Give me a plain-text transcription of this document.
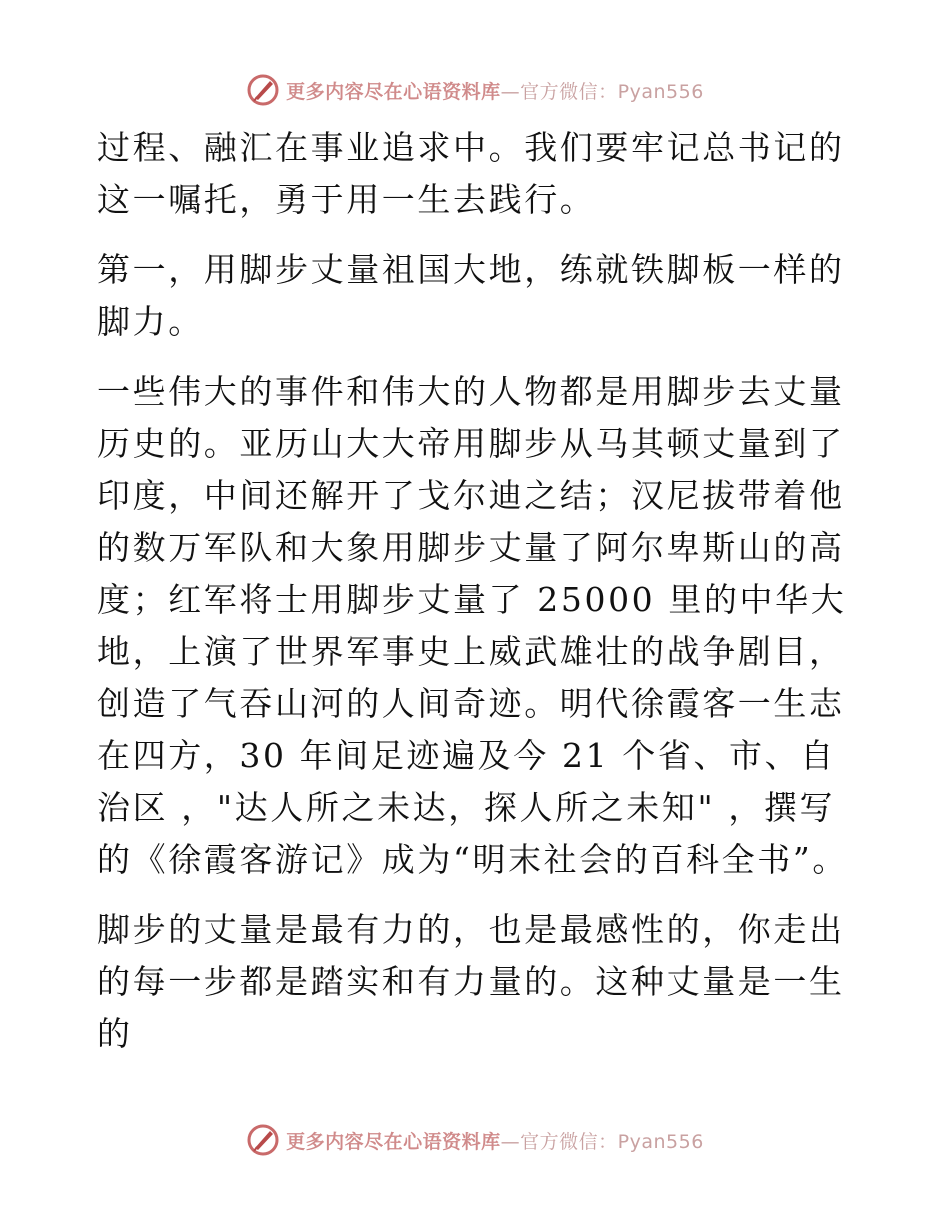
更多内容尽在心语资料库—官方微信：Pyan556

过程、融汇在事业追求中。我们要牢记总书记的这一嘱托，勇于用一生去践行。

第一，用脚步丈量祖国大地，练就铁脚板一样的脚力。

一些伟大的事件和伟大的人物都是用脚步去丈量历史的。亚历山大大帝用脚步从马其顿丈量到了印度，中间还解开了戈尔迪之结；汉尼拔带着他的数万军队和大象用脚步丈量了阿尔卑斯山的高度；红军将士用脚步丈量了 25000 里的中华大地，上演了世界军事史上威武雄壮的战争剧目，创造了气吞山河的人间奇迹。明代徐霞客一生志在四方，30 年间足迹遍及今 21 个省、市、自治区 ，"达人所之未达，探人所之未知" ，撰写的《徐霞客游记》成为“明末社会的百科全书”。

脚步的丈量是最有力的，也是最感性的，你走出的每一步都是踏实和有力量的。这种丈量是一生的

更多内容尽在心语资料库—官方微信：Pyan556
